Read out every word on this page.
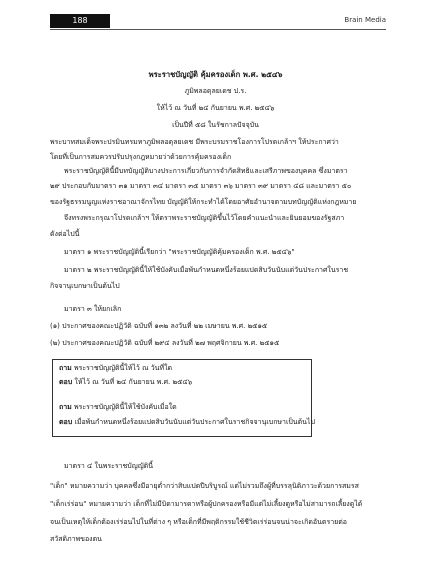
188	Brain Media
พระราชบัญญัติ คุ้มครองเด็ก พ.ศ. ๒๕๔๖
ภูมิพลอดุลยเดช ป.ร.
ให้ไว้ ณ วันที่ ๒๔ กันยายน พ.ศ. ๒๕๔๖
เป็นปีที่ ๕๘ ในรัชกาลปัจจุบัน
พระบาทสมเด็จพระปรมินทรมหาภูมิพลอดุลยเดช มีพระบรมราชโองการโปรดเกล้าฯ ให้ประกาศว่า
โดยที่เป็นการสมควรปรับปรุงกฎหมายว่าด้วยการคุ้มครองเด็ก
พระราชบัญญัตินี้มีบทบัญญัติบางประการเกี่ยวกับการจำกัดสิทธิและเสรีภาพของบุคคล ซึ่งมาตรา
๒๙ ประกอบกับมาตรา ๓๑ มาตรา ๓๔ มาตรา ๓๕ มาตรา ๓๖ มาตรา ๓๙ มาตรา ๔๘ และมาตรา ๕๐
ของรัฐธรรมนูญแห่งราชอาณาจักรไทย บัญญัติให้กระทำได้โดยอาศัยอำนาจตามบทบัญญัติแห่งกฎหมาย
จึงทรงพระกรุณาโปรดเกล้าฯ ให้ตราพระราชบัญญัติขึ้นไว้โดยคำแนะนำและยินยอมของรัฐสภา
ดังต่อไปนี้
มาตรา ๑ พระราชบัญญัตินี้เรียกว่า "พระราชบัญญัติคุ้มครองเด็ก พ.ศ. ๒๕๔๖"
มาตรา ๒ พระราชบัญญัตินี้ให้ใช้บังคับเมื่อพ้นกำหนดหนึ่งร้อยแปดสิบวันนับแต่วันประกาศในราช
กิจจานุเบกษาเป็นต้นไป
มาตรา ๓ ให้ยกเลิก
(๑) ประกาศของคณะปฏิวัติ ฉบับที่ ๑๓๒ ลงวันที่ ๒๒ เมษายน พ.ศ. ๒๕๑๕
(๒) ประกาศของคณะปฏิวัติ ฉบับที่ ๒๙๔ ลงวันที่ ๒๗ พฤศจิกายน พ.ศ. ๒๕๑๕
ถาม พระราชบัญญัตินี้ให้ไว้ ณ วันที่ใด
ตอบ ให้ไว้ ณ วันที่ ๒๔ กันยายน พ.ศ. ๒๕๔๖
ถาม พระราชบัญญัตินี้ให้ใช้บังคับเมื่อใด
ตอบ เมื่อพ้นกำหนดหนึ่งร้อยแปดสิบวันนับแต่วันประกาศในราชกิจจานุเบกษาเป็นต้นไป
มาตรา ๔ ในพระราชบัญญัตินี้
"เด็ก" หมายความว่า บุคคลซึ่งมีอายุต่ำกว่าสิบแปดปีบริบูรณ์ แต่ไม่รวมถึงผู้ที่บรรลุนิติภาวะด้วยการสมรส
"เด็กเร่ร่อน" หมายความว่า เด็กที่ไม่มีบิดามารดาหรือผู้ปกครองหรือมีแต่ไม่เลี้ยงดูหรือไม่สามารถเลี้ยงดูได้
จนเป็นเหตุให้เด็กต้องเร่ร่อนไปในที่ต่าง ๆ หรือเด็กที่มีพฤติกรรมใช้ชีวิตเร่ร่อนจนน่าจะเกิดอันตรายต่อ
สวัสดิภาพของตน
